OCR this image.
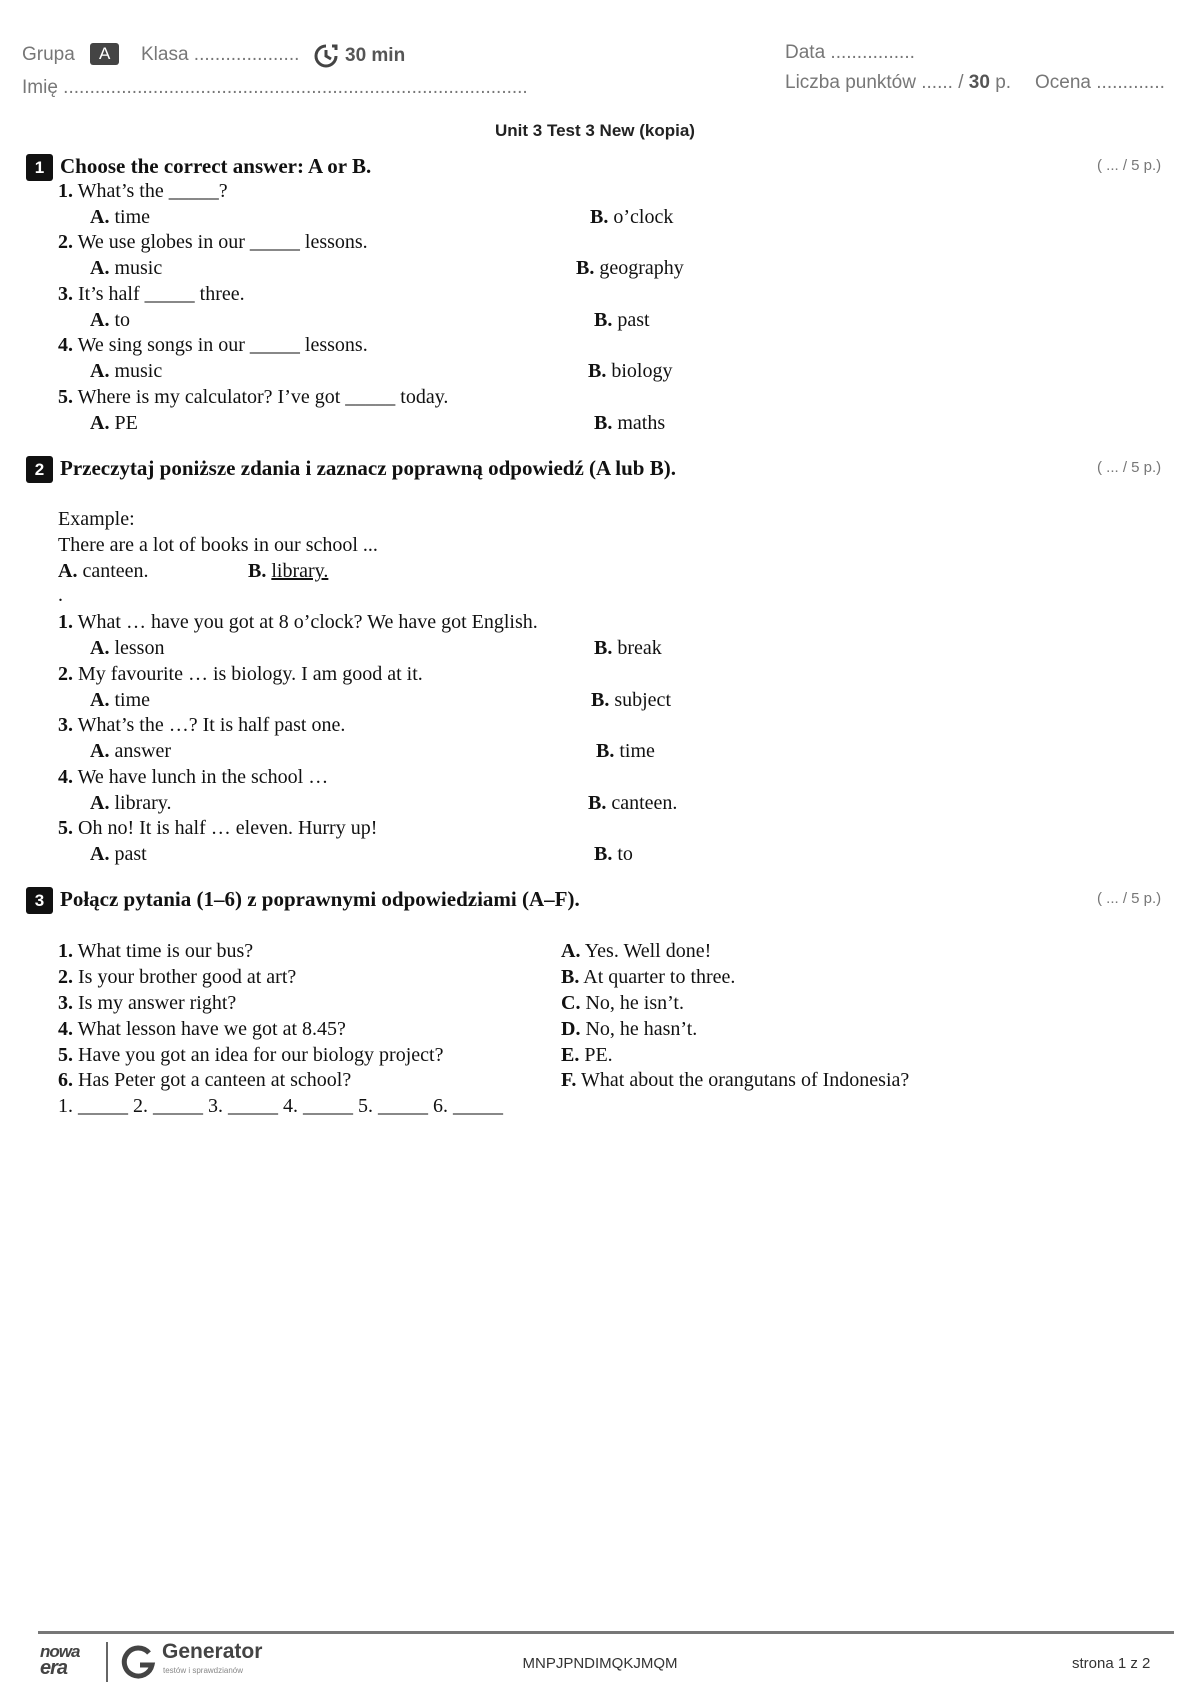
Grupa	A	Klasa .................... 30 min
Imię ........................................................................................
Data ................
Liczba punktów ...... / 30 p. Ocena .............
Unit 3 Test 3 New (kopia)
1 Choose the correct answer: A or B.	( ... / 5 p.)
1. What’s the _____?
A. time	B. o’clock
2. We use globes in our _____ lessons.
A. music	B. geography
3. It’s half _____ three.
A. to	B. past
4. We sing songs in our _____ lessons.
A. music	B. biology
5. Where is my calculator? I’ve got _____ today.
A. PE	B. maths
2 Przeczytaj poniższe zdania i zaznacz poprawną odpowiedź (A lub B).	( ... / 5 p.)
Example:
There are a lot of books in our school ...
A. canteen.	B. library.
.
1. What … have you got at 8 o’clock? We have got English.
A. lesson	B. break
2. My favourite … is biology. I am good at it.
A. time	B. subject
3. What’s the …? It is half past one.
A. answer	B. time
4. We have lunch in the school …
A. library.	B. canteen.
5. Oh no! It is half … eleven. Hurry up!
A. past	B. to
3 Połącz pytania (1–6) z poprawnymi odpowiedziami (A–F).	( ... / 5 p.)
1. What time is our bus?	A. Yes. Well done!
2. Is your brother good at art?	B. At quarter to three.
3. Is my answer right?	C. No, he isn’t.
4. What lesson have we got at 8.45?	D. No, he hasn’t.
5. Have you got an idea for our biology project?	E. PE.
6. Has Peter got a canteen at school?	F. What about the orangutans of Indonesia?
1. _____ 2. _____ 3. _____ 4. _____ 5. _____ 6. _____
nowa
era
Generator
testów i sprawdzianów	MNPJPNDIMQKJMQM	strona 1 z 2
